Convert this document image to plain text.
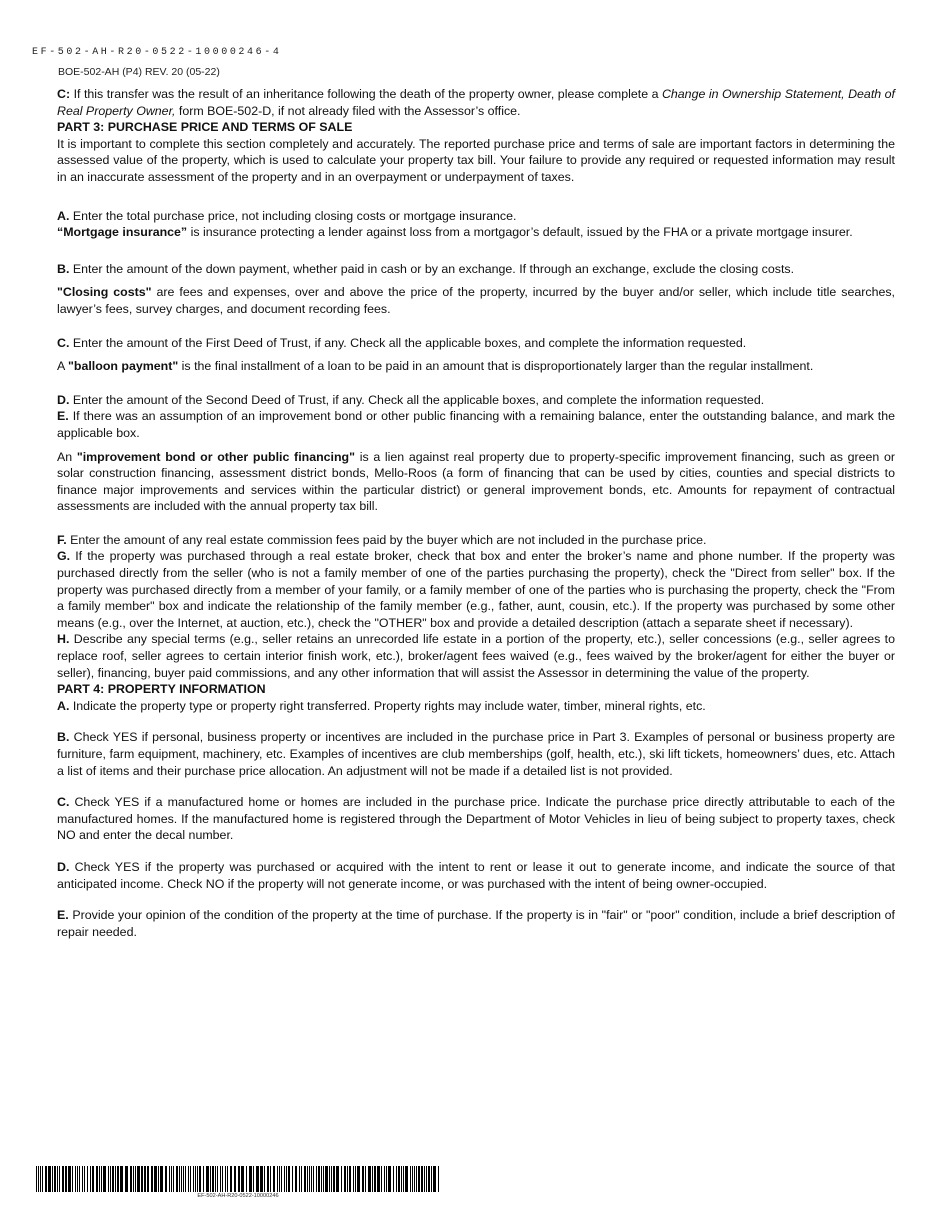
EF-502-AH-R20-0522-10000246-4
BOE-502-AH (P4) REV. 20 (05-22)

C: If this transfer was the result of an inheritance following the death of the property owner, please complete a Change in Ownership Statement, Death of Real Property Owner, form BOE-502-D, if not already filed with the Assessor’s office.

PART 3: PURCHASE PRICE AND TERMS OF SALE

It is important to complete this section completely and accurately. The reported purchase price and terms of sale are important factors in determining the assessed value of the property, which is used to calculate your property tax bill. Your failure to provide any required or requested information may result in an inaccurate assessment of the property and in an overpayment or underpayment of taxes.

A. Enter the total purchase price, not including closing costs or mortgage insurance.

“Mortgage insurance” is insurance protecting a lender against loss from a mortgagor’s default, issued by the FHA or a private mortgage insurer.

B. Enter the amount of the down payment, whether paid in cash or by an exchange. If through an exchange, exclude the closing costs.

"Closing costs" are fees and expenses, over and above the price of the property, incurred by the buyer and/or seller, which include title searches, lawyer’s fees, survey charges, and document recording fees.

C. Enter the amount of the First Deed of Trust, if any. Check all the applicable boxes, and complete the information requested.

A "balloon payment" is the final installment of a loan to be paid in an amount that is disproportionately larger than the regular installment.

D. Enter the amount of the Second Deed of Trust, if any. Check all the applicable boxes, and complete the information requested.

E. If there was an assumption of an improvement bond or other public financing with a remaining balance, enter the outstanding balance, and mark the applicable box.

An "improvement bond or other public financing" is a lien against real property due to property-specific improvement financing, such as green or solar construction financing, assessment district bonds, Mello-Roos (a form of financing that can be used by cities, counties and special districts to finance major improvements and services within the particular district) or general improvement bonds, etc. Amounts for repayment of contractual assessments are included with the annual property tax bill.

F. Enter the amount of any real estate commission fees paid by the buyer which are not included in the purchase price.

G. If the property was purchased through a real estate broker, check that box and enter the broker’s name and phone number. If the property was purchased directly from the seller (who is not a family member of one of the parties purchasing the property), check the "Direct from seller" box. If the property was purchased directly from a member of your family, or a family member of one of the parties who is purchasing the property, check the "From a family member" box and indicate the relationship of the family member (e.g., father, aunt, cousin, etc.). If the property was purchased by some other means (e.g., over the Internet, at auction, etc.), check the "OTHER" box and provide a detailed description (attach a separate sheet if necessary).

H. Describe any special terms (e.g., seller retains an unrecorded life estate in a portion of the property, etc.), seller concessions (e.g., seller agrees to replace roof, seller agrees to certain interior finish work, etc.), broker/agent fees waived (e.g., fees waived by the broker/agent for either the buyer or seller), financing, buyer paid commissions, and any other information that will assist the Assessor in determining the value of the property.

PART 4: PROPERTY INFORMATION

A. Indicate the property type or property right transferred. Property rights may include water, timber, mineral rights, etc.

B. Check YES if personal, business property or incentives are included in the purchase price in Part 3. Examples of personal or business property are furniture, farm equipment, machinery, etc. Examples of incentives are club memberships (golf, health, etc.), ski lift tickets, homeowners’ dues, etc. Attach a list of items and their purchase price allocation. An adjustment will not be made if a detailed list is not provided.

C. Check YES if a manufactured home or homes are included in the purchase price. Indicate the purchase price directly attributable to each of the manufactured homes. If the manufactured home is registered through the Department of Motor Vehicles in lieu of being subject to property taxes, check NO and enter the decal number.

D. Check YES if the property was purchased or acquired with the intent to rent or lease it out to generate income, and indicate the source of that anticipated income. Check NO if the property will not generate income, or was purchased with the intent of being owner-occupied.

E. Provide your opinion of the condition of the property at the time of purchase. If the property is in "fair" or "poor" condition, include a brief description of repair needed.

EF-502-AH-R20-0522-10000246
